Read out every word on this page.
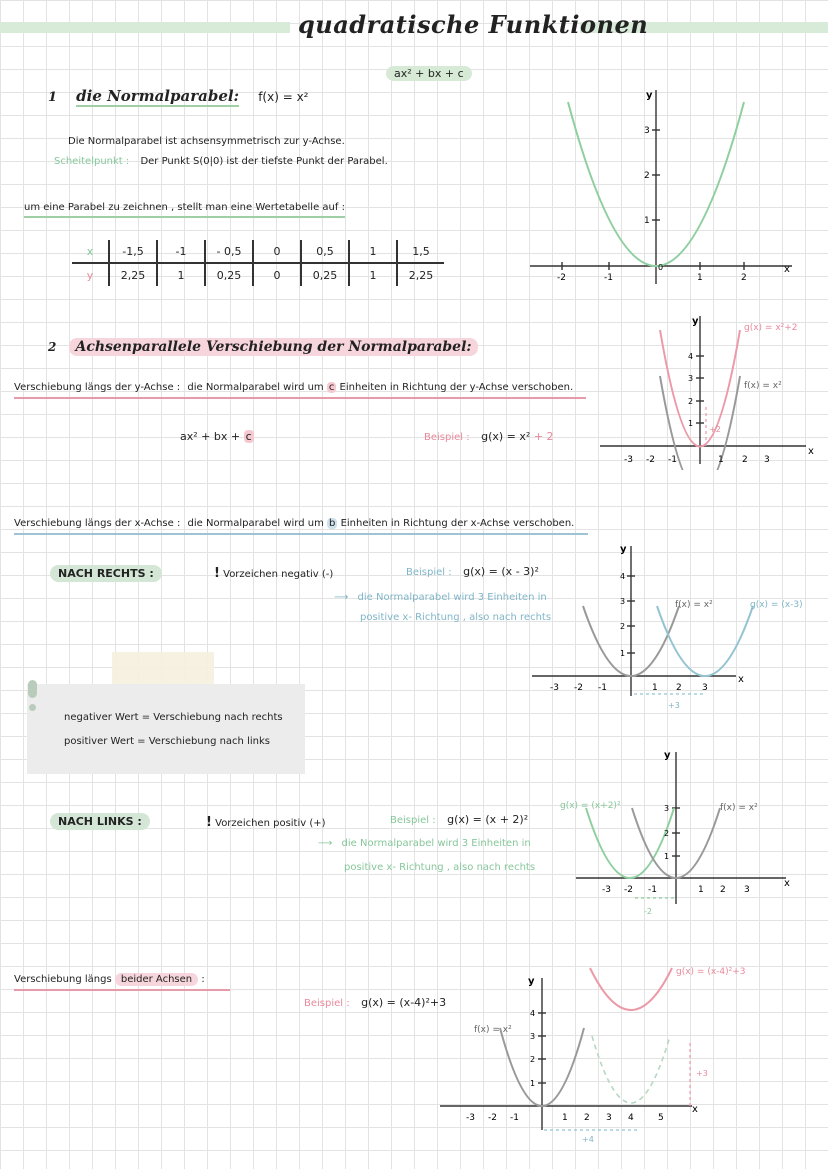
quadratische Funktionen
ax² + bx + c
1 die Normalparabel: f(x) = x²
Die Normalparabel ist achsensymmetrisch zur y-Achse.
Scheitelpunkt : Der Punkt S(0|0) ist der tiefste Punkt der Parabel.
um eine Parabel zu zeichnen , stellt man eine Wertetabelle auf :
x	-1,5	-1	- 0,5	0	0,5	1	1,5
y	2,25	1	0,25	0	0,25	1	2,25
y
x
0
-2	-1	1	2
1
2
3
2 Achsenparallele Verschiebung der Normalparabel:
Verschiebung längs der y-Achse : die Normalparabel wird um c Einheiten in Richtung der y-Achse verschoben.
ax² + bx + c	Beispiel : g(x) = x² + 2
y
x
g(x) = x²+2
f(x) = x²
+2
-3 -2 -1	1 2 3
1
2
3
4
Verschiebung längs der x-Achse : die Normalparabel wird um b Einheiten in Richtung der x-Achse verschoben.
NACH RECHTS :	! Vorzeichen negativ (-)	Beispiel : g(x) = (x - 3)²
⟶ die Normalparabel wird 3 Einheiten in
positive x- Richtung , also nach rechts
y
x
f(x) = x²	g(x) = (x-3)
+3
-3 -2 -1	1 2 3
1
2
3
4
negativer Wert = Verschiebung nach rechts
positiver Wert = Verschiebung nach links
NACH LINKS :	! Vorzeichen positiv (+)	Beispiel : g(x) = (x + 2)²
⟶ die Normalparabel wird 3 Einheiten in
positive x- Richtung , also nach rechts
y
x
g(x) = (x+2)²	f(x) = x²
-2
-3 -2 -1	1 2 3
1
2
3
Verschiebung längs beider Achsen :
Beispiel : g(x) = (x-4)²+3
y
x
g(x) = (x-4)²+3
f(x) = x²
+3
+4
-3 -2 -1	1 2 3 4	5
1
2
3
4
